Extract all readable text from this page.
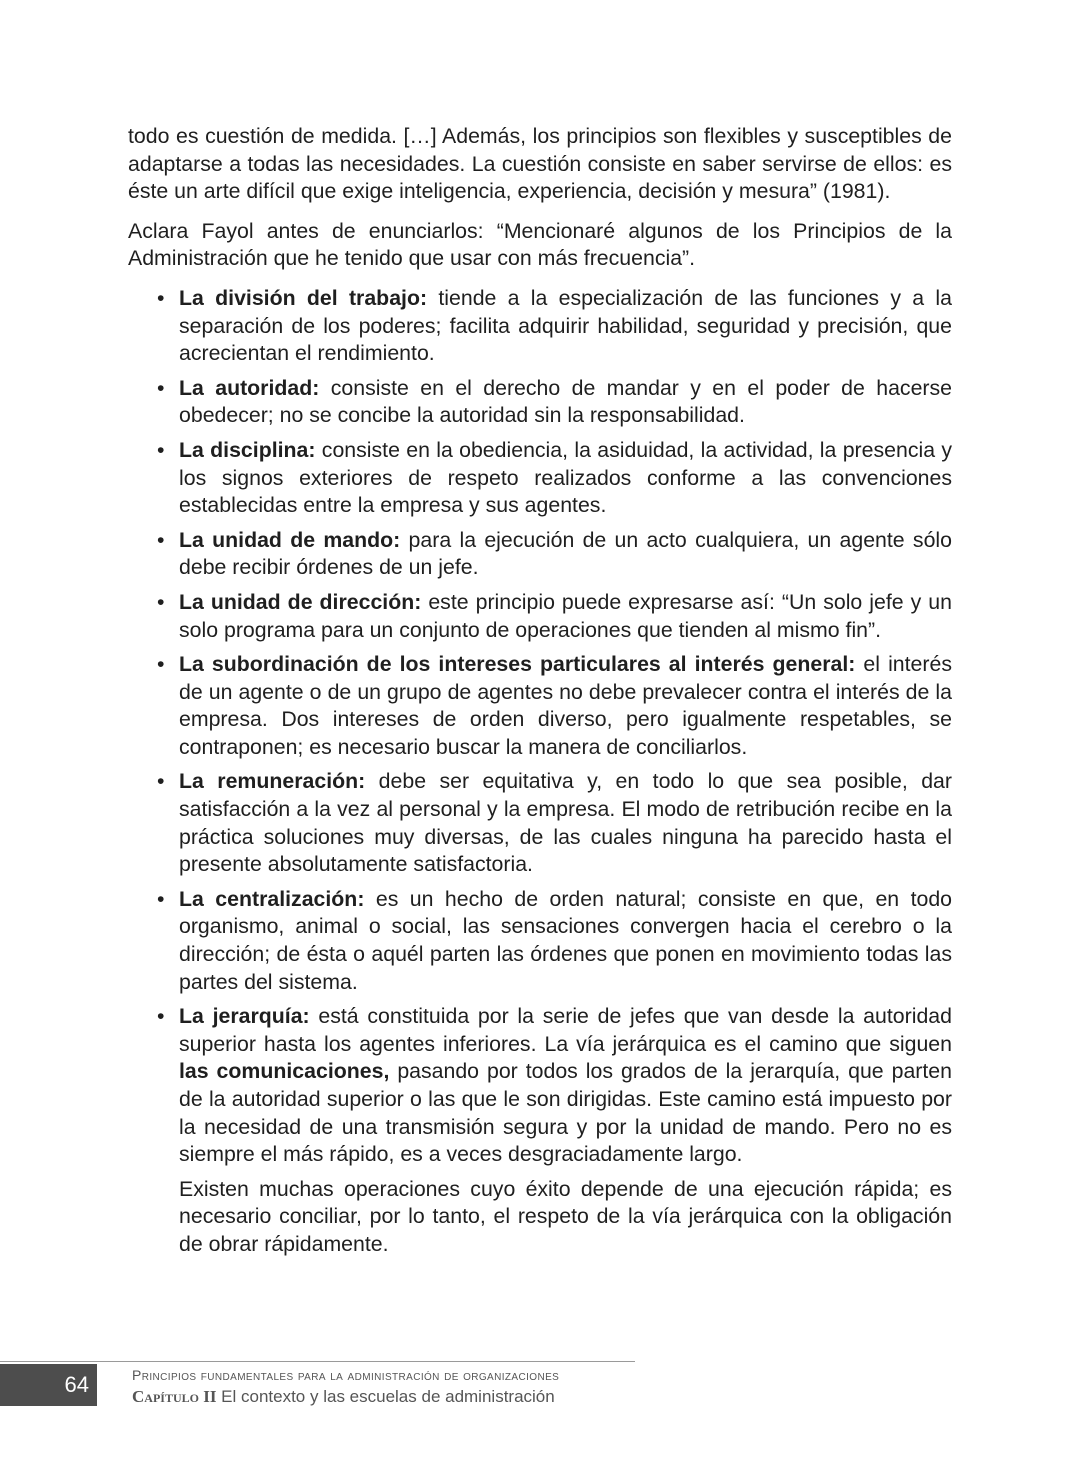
todo es cuestión de medida. […] Además, los principios son flexibles y susceptibles de adaptarse a todas las necesidades. La cuestión consiste en saber servirse de ellos: es éste un arte difícil que exige inteligencia, experiencia, decisión y mesura” (1981).

Aclara Fayol antes de enunciarlos: “Mencionaré algunos de los Principios de la Administración que he tenido que usar con más frecuencia”.

• La división del trabajo: tiende a la especialización de las funciones y a la separación de los poderes; facilita adquirir habilidad, seguridad y precisión, que acrecientan el rendimiento.
• La autoridad: consiste en el derecho de mandar y en el poder de hacerse obedecer; no se concibe la autoridad sin la responsabilidad.
• La disciplina: consiste en la obediencia, la asiduidad, la actividad, la presencia y los signos exteriores de respeto realizados conforme a las convenciones establecidas entre la empresa y sus agentes.
• La unidad de mando: para la ejecución de un acto cualquiera, un agente sólo debe recibir órdenes de un jefe.
• La unidad de dirección: este principio puede expresarse así: “Un solo jefe y un solo programa para un conjunto de operaciones que tienden al mismo fin”.
• La subordinación de los intereses particulares al interés general: el interés de un agente o de un grupo de agentes no debe prevalecer contra el interés de la empresa. Dos intereses de orden diverso, pero igualmente respetables, se contraponen; es necesario buscar la manera de conciliarlos.
• La remuneración: debe ser equitativa y, en todo lo que sea posible, dar satisfacción a la vez al personal y la empresa. El modo de retribución recibe en la práctica soluciones muy diversas, de las cuales ninguna ha parecido hasta el presente absolutamente satisfactoria.
• La centralización: es un hecho de orden natural; consiste en que, en todo organismo, animal o social, las sensaciones convergen hacia el cerebro o la dirección; de ésta o aquél parten las órdenes que ponen en movimiento todas las partes del sistema.
• La jerarquía: está constituida por la serie de jefes que van desde la autoridad superior hasta los agentes inferiores. La vía jerárquica es el camino que siguen las comunicaciones, pasando por todos los grados de la jerarquía, que parten de la autoridad superior o las que le son dirigidas. Este camino está impuesto por la necesidad de una transmisión segura y por la unidad de mando. Pero no es siempre el más rápido, es a veces desgraciadamente largo.

Existen muchas operaciones cuyo éxito depende de una ejecución rápida; es necesario conciliar, por lo tanto, el respeto de la vía jerárquica con la obligación de obrar rápidamente.

64	Principios fundamentales para la administración de organizaciones
Capítulo II El contexto y las escuelas de administración
